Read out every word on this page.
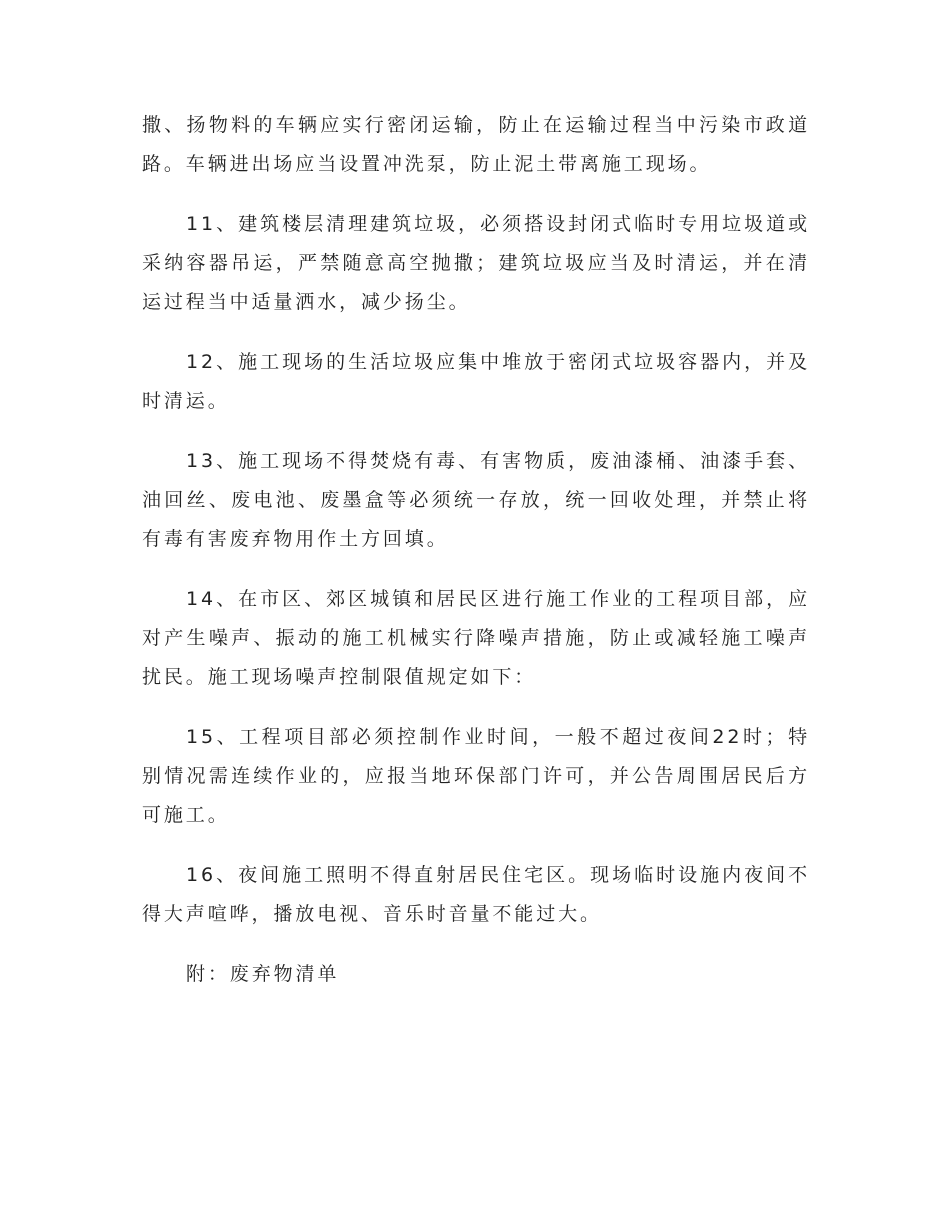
撒、扬物料的车辆应实行密闭运输，防止在运输过程当中污染市政道路。车辆进出场应当设置冲洗泵，防止泥土带离施工现场。

11、建筑楼层清理建筑垃圾，必须搭设封闭式临时专用垃圾道或采纳容器吊运，严禁随意高空抛撒；建筑垃圾应当及时清运，并在清运过程当中适量洒水，减少扬尘。

12、施工现场的生活垃圾应集中堆放于密闭式垃圾容器内，并及时清运。

13、施工现场不得焚烧有毒、有害物质，废油漆桶、油漆手套、油回丝、废电池、废墨盒等必须统一存放，统一回收处理，并禁止将有毒有害废弃物用作土方回填。

14、在市区、郊区城镇和居民区进行施工作业的工程项目部，应对产生噪声、振动的施工机械实行降噪声措施，防止或减轻施工噪声扰民。施工现场噪声控制限值规定如下：

15、工程项目部必须控制作业时间，一般不超过夜间22时；特别情况需连续作业的，应报当地环保部门许可，并公告周围居民后方可施工。

16、夜间施工照明不得直射居民住宅区。现场临时设施内夜间不得大声喧哗，播放电视、音乐时音量不能过大。

附：废弃物清单
